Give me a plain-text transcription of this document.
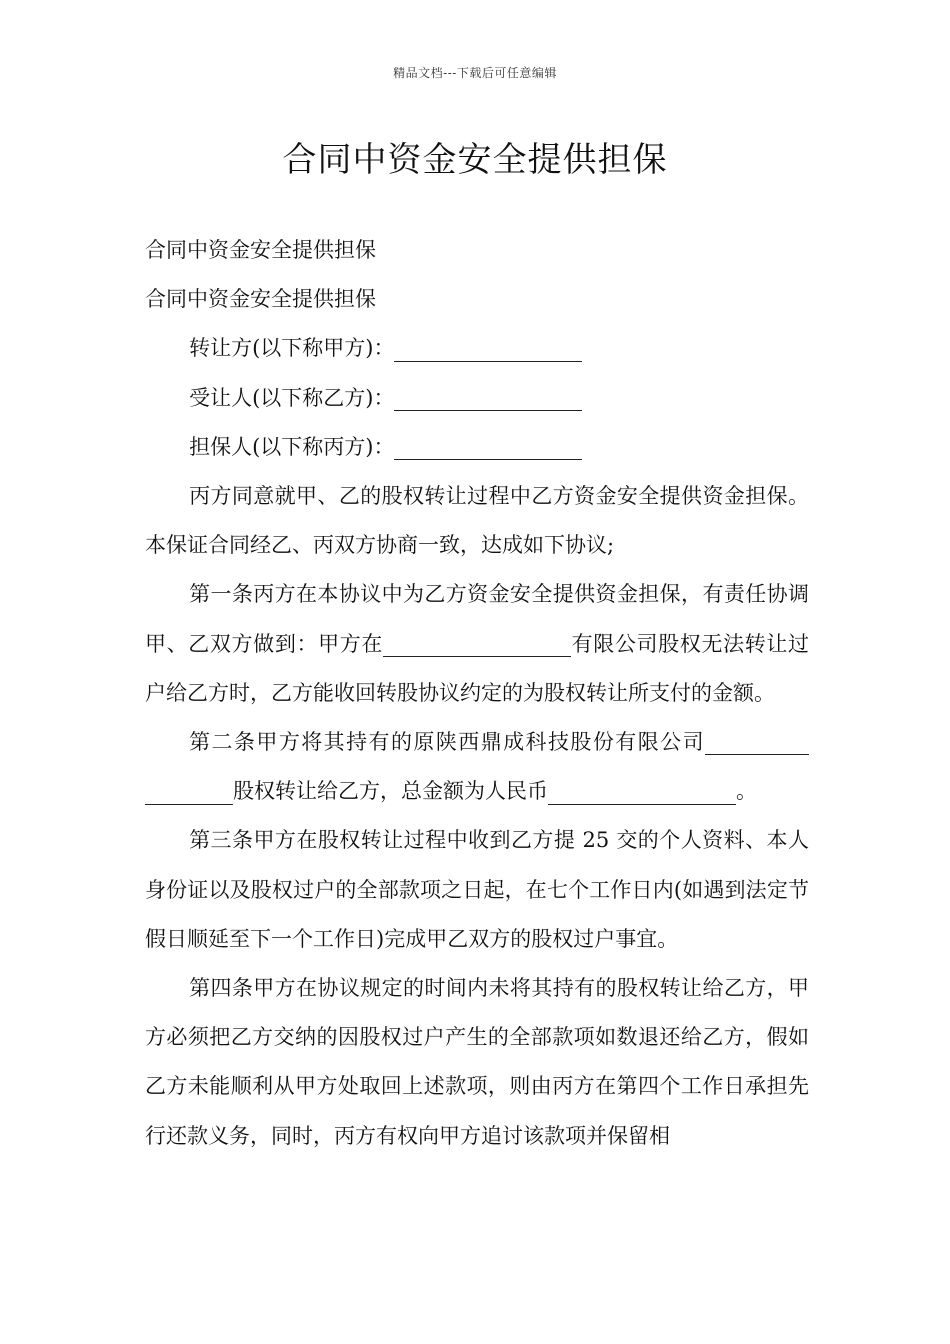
精品文档---下载后可任意编辑
合同中资金安全提供担保

合同中资金安全提供担保

合同中资金安全提供担保

转让方(以下称甲方)：

受让人(以下称乙方)：

担保人(以下称丙方)：

丙方同意就甲、乙的股权转让过程中乙方资金安全提供资金担保。本保证合同经乙、丙双方协商一致，达成如下协议;

第一条丙方在本协议中为乙方资金安全提供资金担保，有责任协调甲、乙双方做到：甲方在	有限公司股权无法转让过户给乙方时，乙方能收回转股协议约定的为股权转让所支付的金额。

第二条甲方将其持有的原陕西鼎成科技股份有限公司股权转让给乙方，总金额为人民币	。

第三条甲方在股权转让过程中收到乙方提 25 交的个人资料、本人身份证以及股权过户的全部款项之日起，在七个工作日内(如遇到法定节假日顺延至下一个工作日)完成甲乙双方的股权过户事宜。

第四条甲方在协议规定的时间内未将其持有的股权转让给乙方，甲方必须把乙方交纳的因股权过户产生的全部款项如数退还给乙方，假如乙方未能顺利从甲方处取回上述款项，则由丙方在第四个工作日承担先行还款义务，同时，丙方有权向甲方追讨该款项并保留相
